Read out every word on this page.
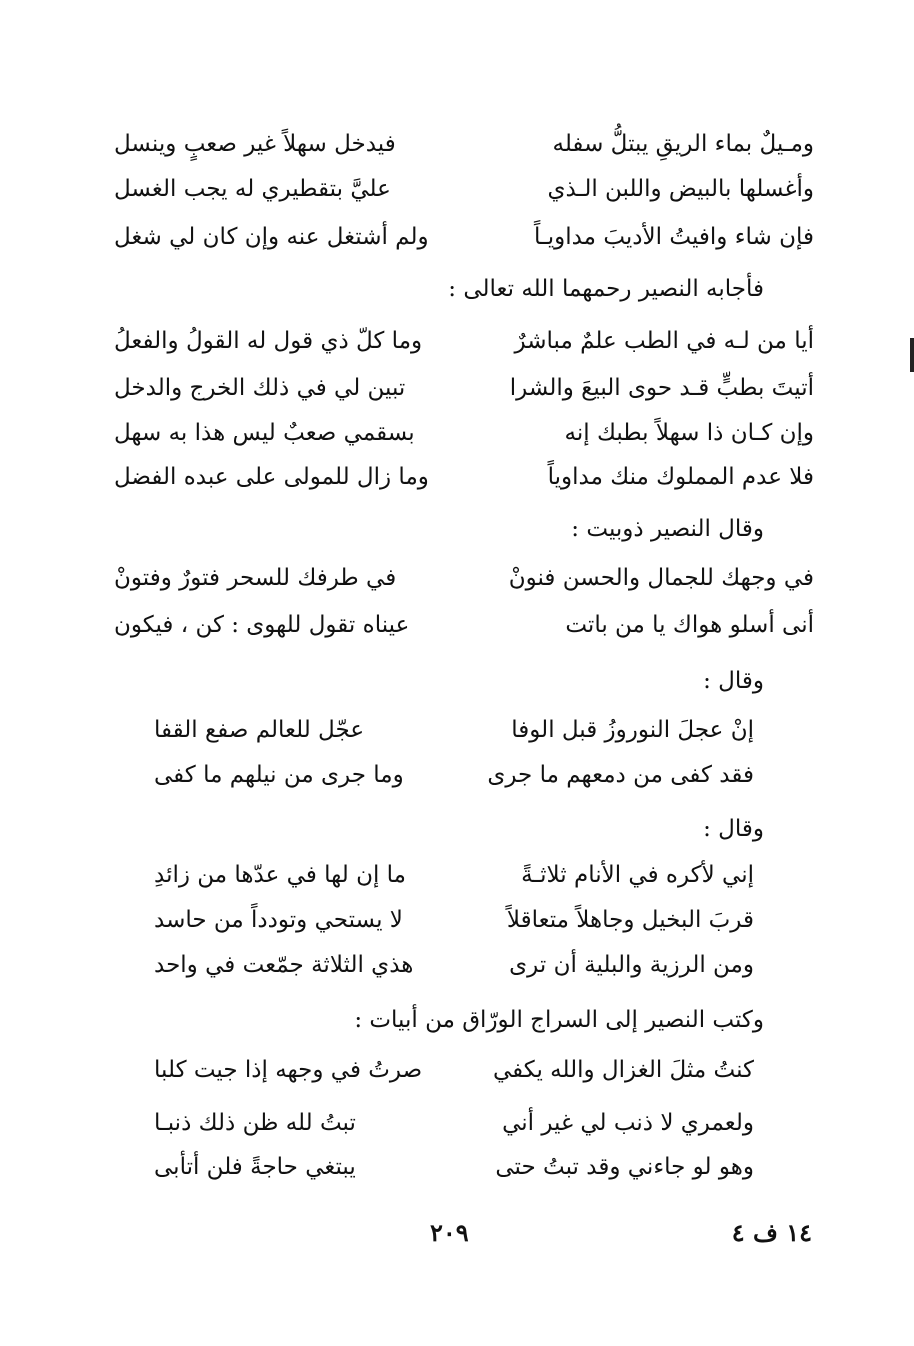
ومـيلٌ بماء الريقِ يبتلُّ سفله
فيدخل سهلاً غير صعبٍ وينسل
وأغسلها بالبيض واللبن الـذي
عليَّ بتقطيري له يجب الغسل
فإن شاء وافيتُ الأديبَ مداويـاً
ولم أشتغل عنه وإن كان لي شغل
فأجابه النصير رحمهما الله تعالى :
أيا من لـه في الطب علمٌ مباشرٌ
وما كلّ ذي قول له القولُ والفعلُ
أتيتَ بطبٍّ قـد حوى البيعَ والشرا
تبين لي في ذلك الخرج والدخل
وإن كـان ذا سهلاً بطبك إنه
بسقمي صعبٌ ليس هذا به سهل
فلا عدم المملوك منك مداوياً
وما زال للمولى على عبده الفضل
وقال النصير ذوبيت :
في وجهك للجمال والحسن فنونْ
في طرفك للسحر فتورٌ وفتونْ
أنى أسلو هواك يا من باتت
عيناه تقول للهوى : كن ، فيكون
وقال :
إنْ عجلَ النوروزُ قبل الوفا
عجّل للعالم صفع القفا
فقد كفى من دمعهم ما جرى
وما جرى من نيلهم ما كفى
وقال :
إني لأكره في الأنام ثلاثـةً
ما إن لها في عدّها من زائدِ
قربَ البخيل وجاهلاً متعاقلاً
لا يستحي وتودداً من حاسد
ومن الرزية والبلية أن ترى
هذي الثلاثة جمّعت في واحد
وكتب النصير إلى السراج الورّاق من أبيات :
كنتُ مثلَ الغزال والله يكفي
صرتُ في وجهه إذا جيت كلبا
ولعمري لا ذنب لي غير أني
تبتُ لله ظن ذلك ذنبـا
وهو لو جاءني وقد تبتُ حتى
يبتغي حاجةً فلن أتأبى
١٤ ف ٤
٢٠٩
